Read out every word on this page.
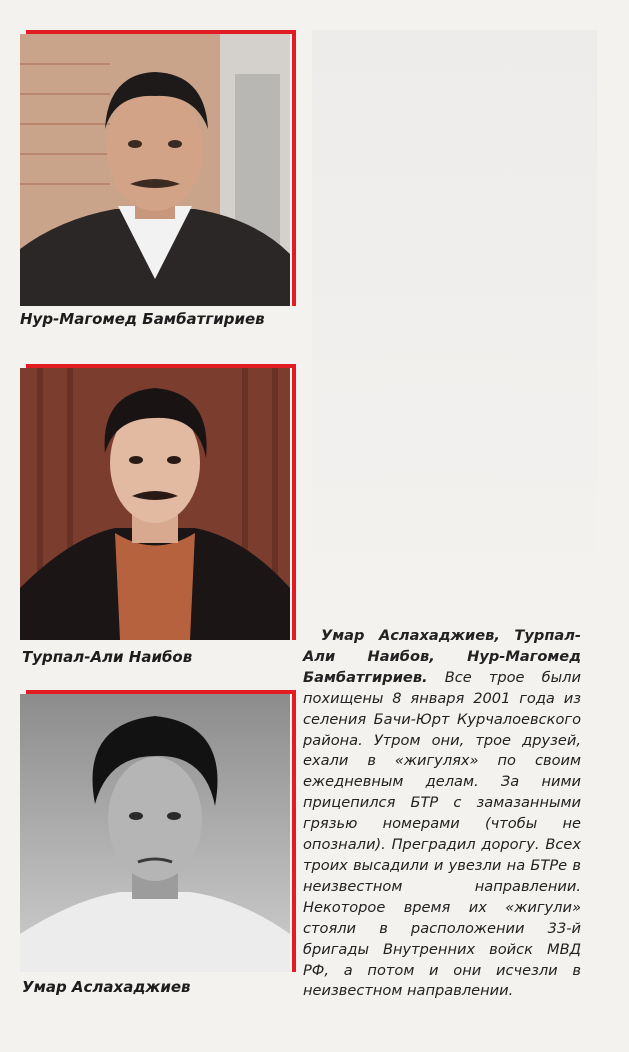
Нур-Магомед Бамбатгириев
Турпал-Али Наибов
Умар Аслахаджиев
Умар Аслахаджиев, Турпал-Али Наибов, Нур-Магомед Бамбатгириев. Все трое были похищены 8 января 2001 года из селения Бачи-Юрт Курчалоевского района. Утром они, трое друзей, ехали в «жигулях» по своим ежедневным делам. За ними прицепился БТР с замазанными грязью номерами (чтобы не опознали). Преградил дорогу. Всех троих высадили и увезли на БТРе в неизвестном направлении. Некоторое время их «жигули» стояли в расположении 33-й бригады Внутренних войск МВД РФ, а потом и они исчезли в неизвестном направлении.
